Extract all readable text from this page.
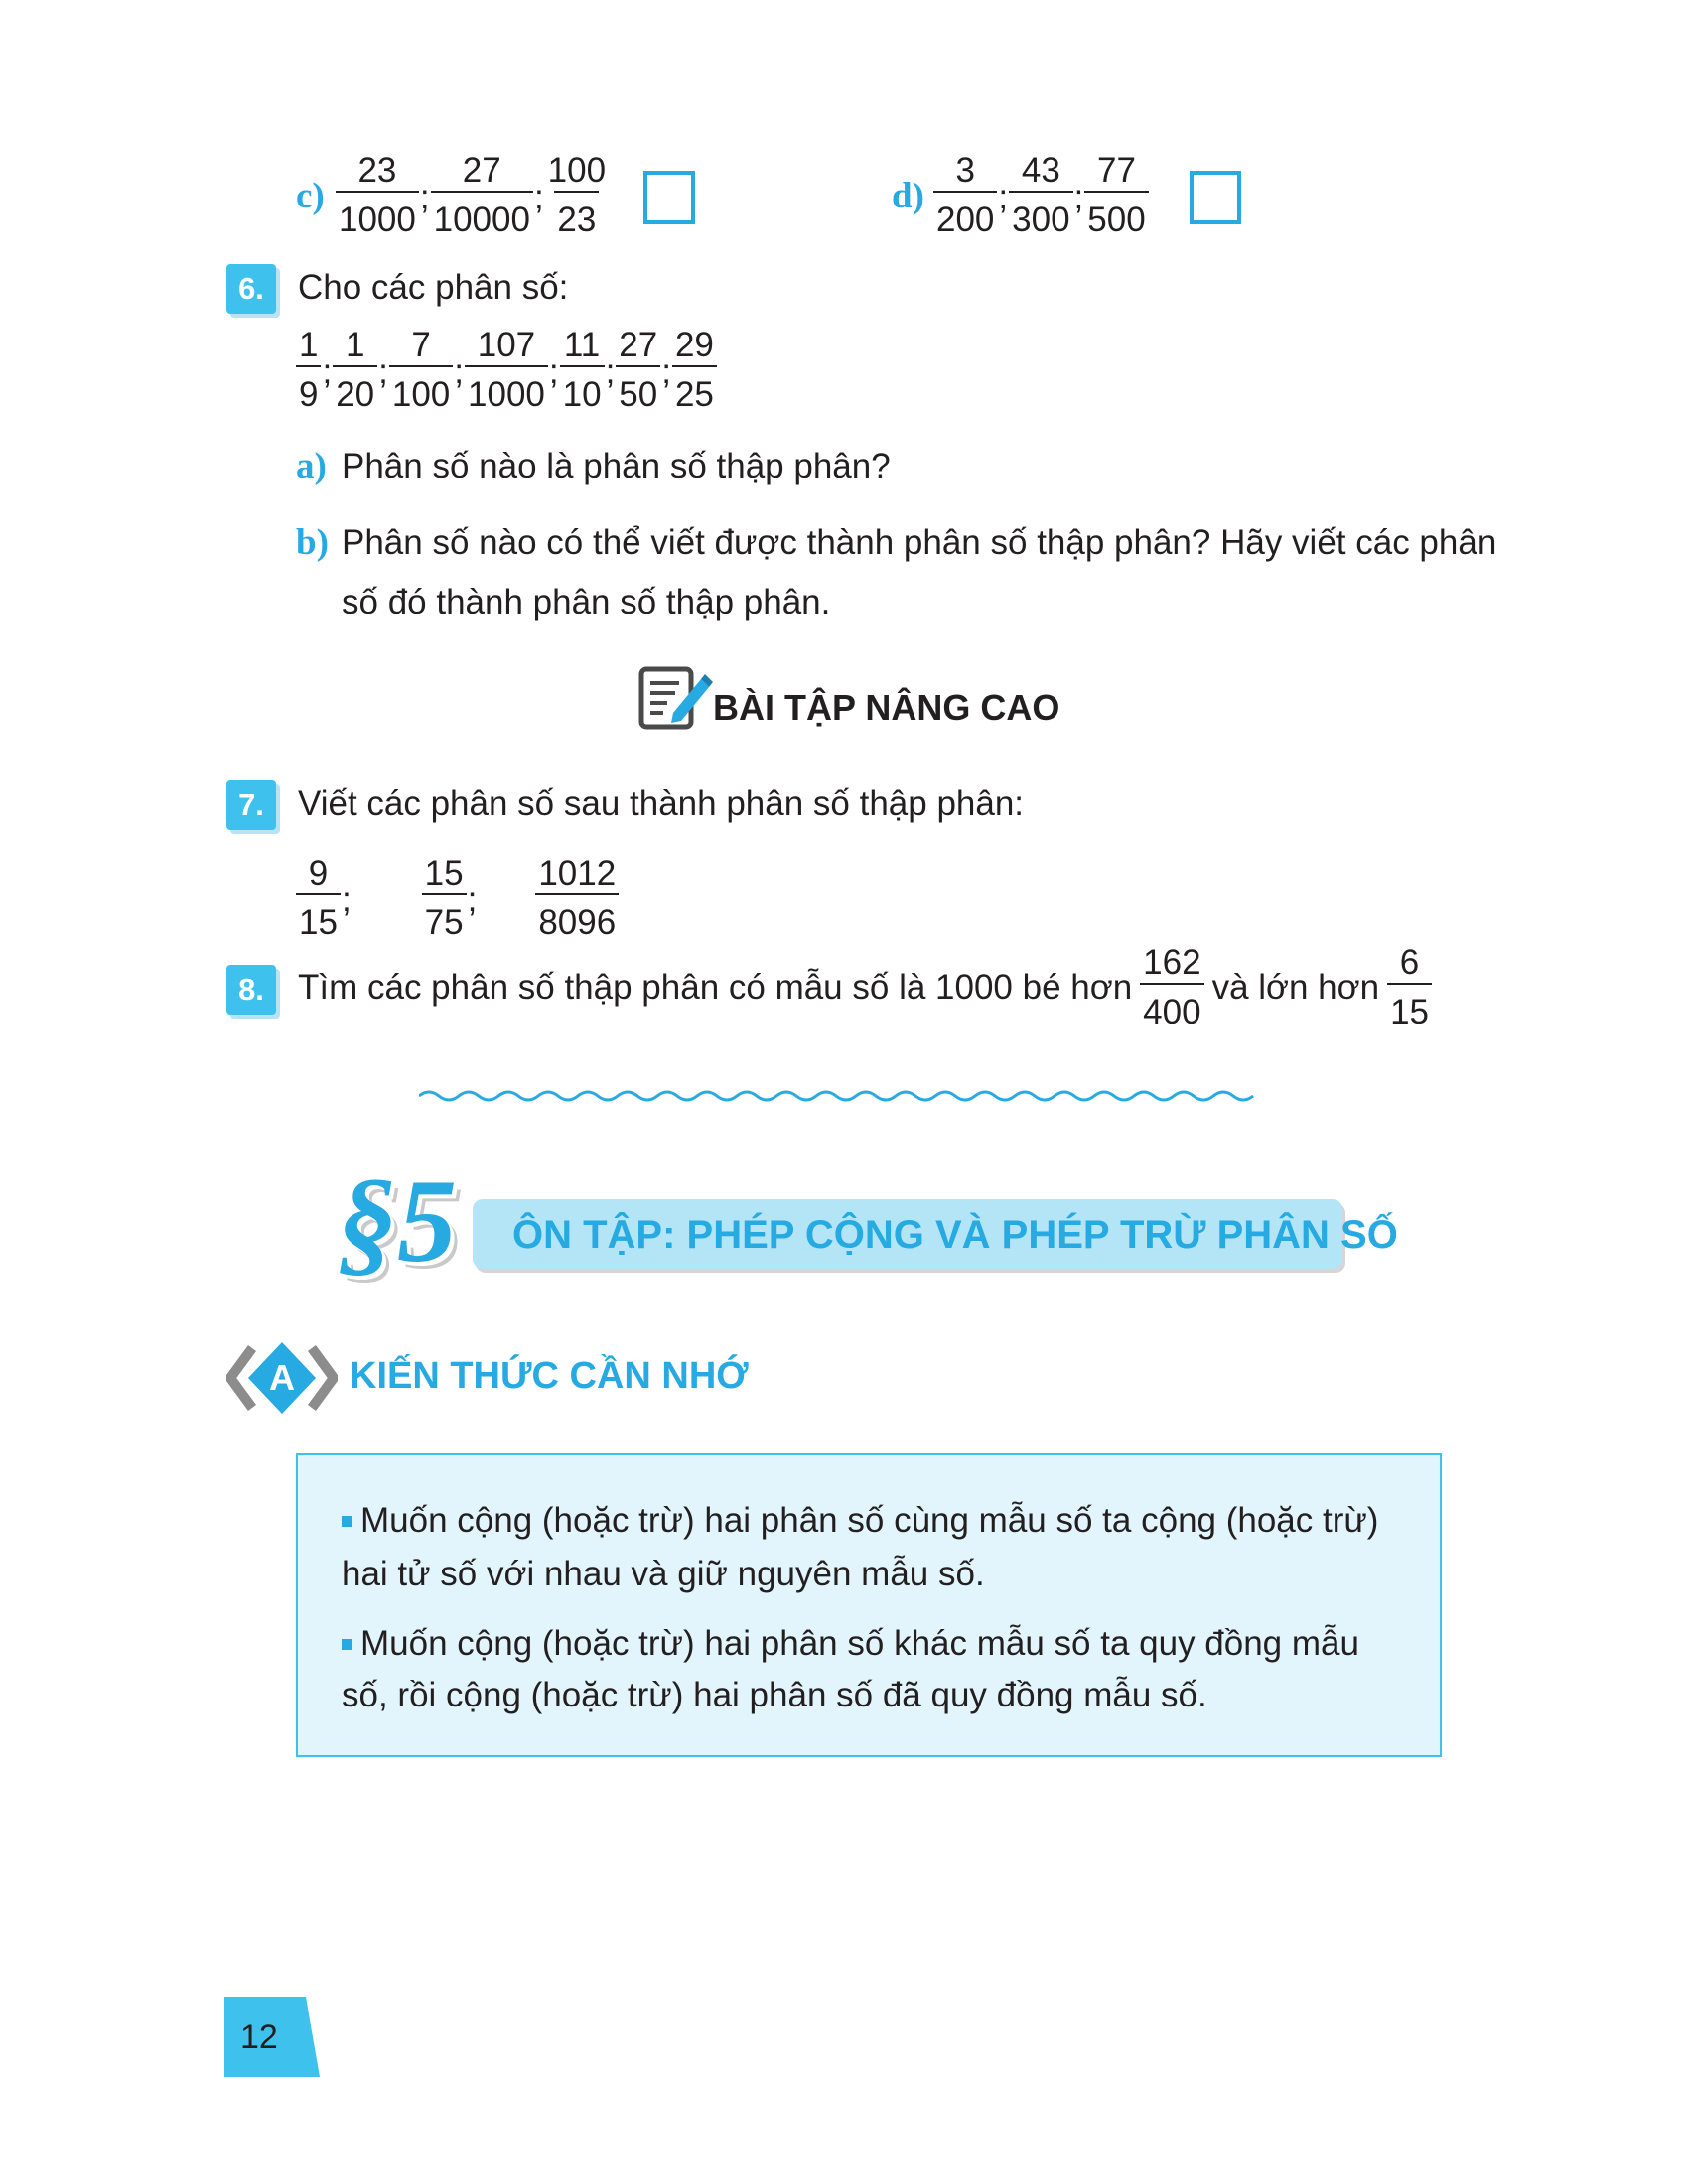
$c) \frac{23}{1000}$ ; $\frac{27}{10000}$ ; $\frac{100}{23}$	$d) \frac{3}{200}$ ; $\frac{43}{300}$ ; $\frac{77}{500}$
6. Cho các phân số:
$\frac{1}{9}$ ; $\frac{1}{20}$ ; $\frac{7}{100}$ ; $\frac{107}{1000}$ ; $\frac{11}{10}$ ; $\frac{27}{50}$ ; $\frac{29}{25}$
a) Phân số nào là phân số thập phân?
b) Phân số nào có thể viết được thành phân số thập phân? Hãy viết các phân
số đó thành phân số thập phân.
BÀI TẬP NÂNG CAO
7. Viết các phân số sau thành phân số thập phân:
$\frac{9}{15}$ ; $\frac{15}{75}$ ; $\frac{1012}{8096}$
8. Tìm các phân số thập phân có mẫu số là 1000 bé hơn $\frac{162}{400}$ và lớn hơn $\frac{6}{15}$
§5 ÔN TẬP: PHÉP CỘNG VÀ PHÉP TRỪ PHÂN SỐ
A	KIẾN THỨC CẦN NHỚ
Muốn cộng (hoặc trừ) hai phân số cùng mẫu số ta cộng (hoặc trừ)
hai tử số với nhau và giữ nguyên mẫu số.
Muốn cộng (hoặc trừ) hai phân số khác mẫu số ta quy đồng mẫu
số, rồi cộng (hoặc trừ) hai phân số đã quy đồng mẫu số.
12
